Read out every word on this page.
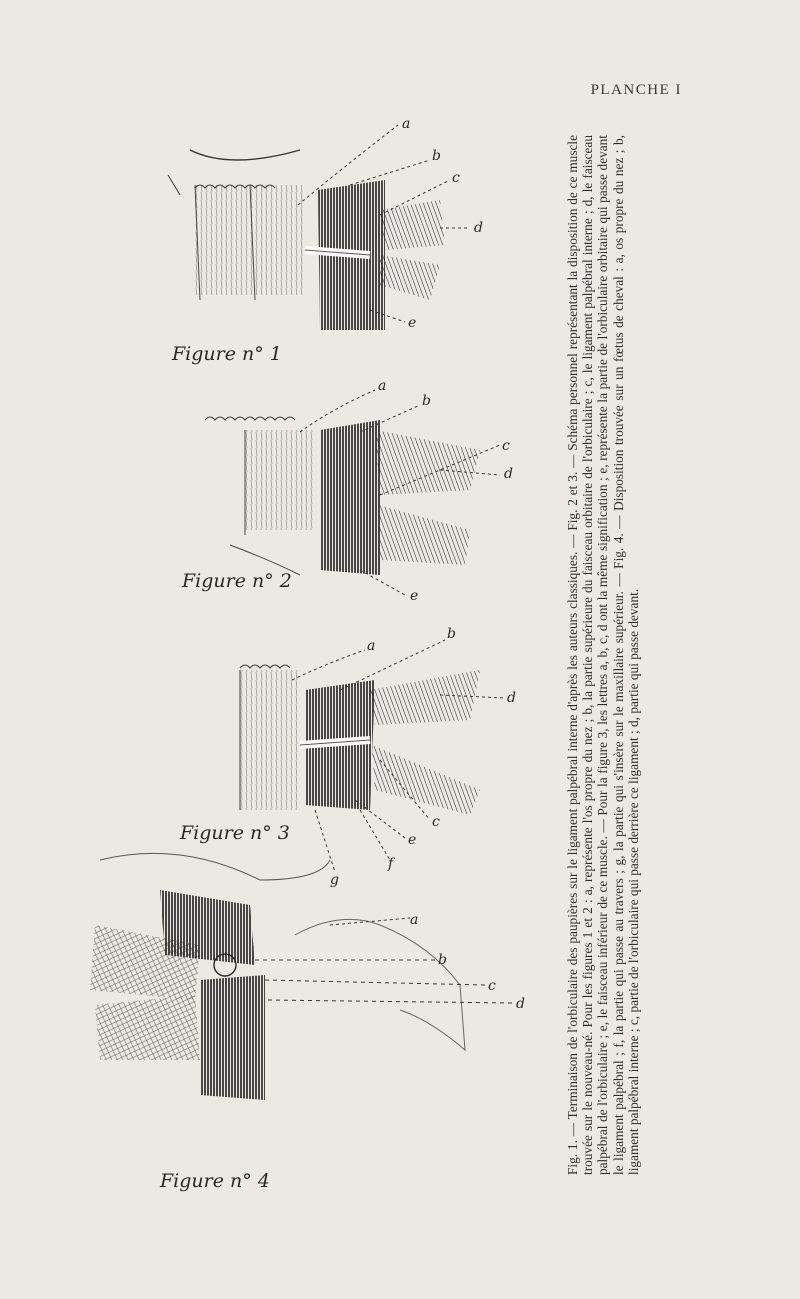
PLANCHE I
a
b
c
d
e
a
b
c
d
e
a
b
d
c
e
f
g
a
b
c
d
Figure n° 1
Figure n° 2
Figure n° 3
Figure n° 4
Fig. 1. — Terminaison de l'orbiculaire des paupières sur le ligament palpébral interne d'après les auteurs classiques. — Fig. 2 et 3. — Schéma personnel représentant la disposition de ce muscle trouvée sur le nouveau-né. Pour les figures 1 et 2 : a, représente l'os propre du nez ; b, la partie supérieure du faisceau orbitaire de l'orbiculaire ; c, le ligament palpébral interne ; d, le faisceau palpébral de l'orbiculaire ; e, le faisceau inférieur de ce muscle. — Pour la figure 3, les lettres a, b, c, d ont la même signification ; e, représente la partie de l'orbiculaire orbitaire qui passe devant le ligament palpébral ; f, la partie qui passe au travers ; g, la partie qui s'insère sur le maxillaire supérieur. — Fig. 4. — Disposition trouvée sur un fœtus de cheval : a, os propre du nez ; b, ligament palpébral interne ; c, partie de l'orbiculaire qui passe derrière ce ligament ; d, partie qui passe devant.
